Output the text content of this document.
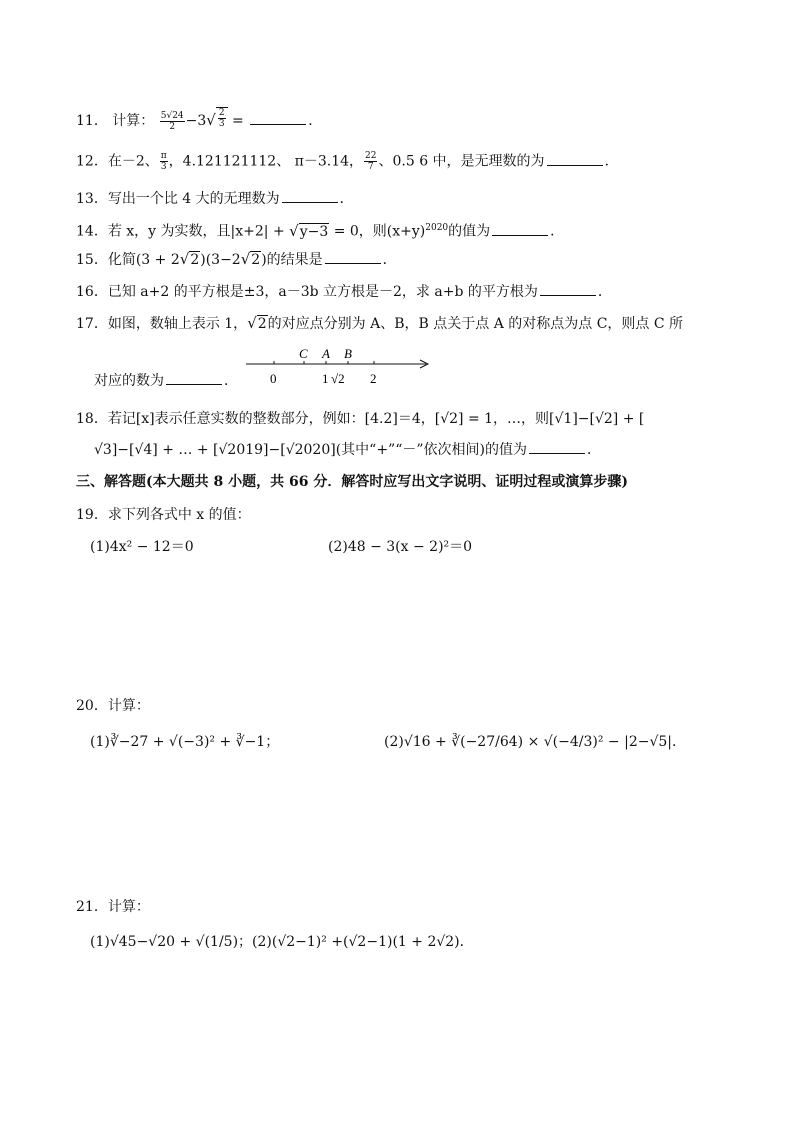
11． 计算： $\frac{5√24}{2} -3$ √ $\frac{2}{3}$ =	．
12．在－2、 $\frac{\pi}{3}$ ，4.121121112、 π－3.14， $\frac{22}{7}$ 、0.5 6 中，是无理数的为	．
13．写出一个比 4 大的无理数为	．
14．若 x，y 为实数，且|x+2| + √ y−3 = 0，则$(x+y)^{2020}$的值为	．
15．化简(3 + 2 √ 2 )(3−2 √ 2 )的结果是	．
16．已知 a+2 的平方根是±3，a－3b 立方根是－2，求 a+b 的平方根为	．
17．如图，数轴上表示 1， √ 2 的对应点分别为 A、B，B 点关于点 A 的对称点为点 C，则点 C 所
对应的数为	．
C A B
0	1 √2 2
18．若记[x]表示任意实数的整数部分，例如：[4.2]＝4，[√2] = 1，…，则[√1]−[√2] + [
√3]−[√4] + … + [√2019]−[√2020](其中“+”“－”依次相间)的值为	．
三、解答题(本大题共 8 小题，共 66 分．解答时应写出文字说明、证明过程或演算步骤)
19．求下列各式中 x 的值：
(1)4x² − 12＝0	(2)48 − 3(x − 2)²＝0
20．计算：
(1)∛−27 + √(−3)² + ∛−1；	(2)√16 + ∛(−27/64) × √(−4/3)² − |2−√5|．
21．计算：
(1)√45−√20 + √(1/5)；(2)(√2−1)² +(√2−1)(1 + 2√2)．
